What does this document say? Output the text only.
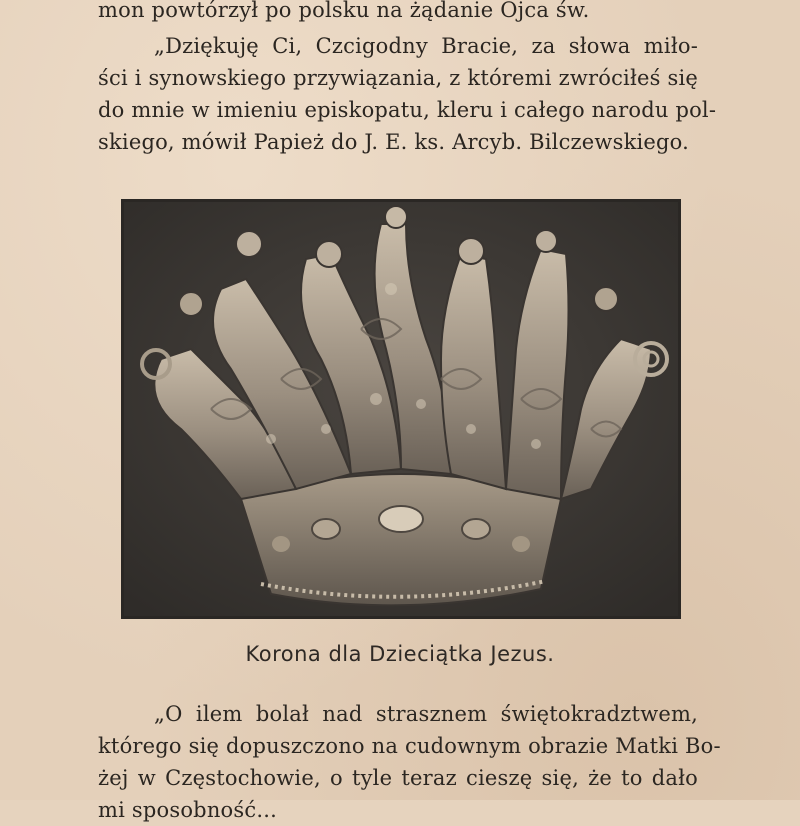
mon powtórzył po polsku na żądanie Ojca św.
„Dziękuję Ci, Czcigodny Bracie, za słowa miło-
ści i synowskiego przywiązania, z któremi zwróciłeś się
do mnie w imieniu episkopatu, kleru i całego narodu pol-
skiego, mówił Papież do J. E. ks. Arcyb. Bilczewskiego.
Korona dla Dzieciątka Jezus.
„O ilem bolał nad strasznem świętokradztwem,
którego się dopuszczono na cudownym obrazie Matki Bo-
żej w Częstochowie, o tyle teraz cieszę się, że to dało
mi sposobność...
